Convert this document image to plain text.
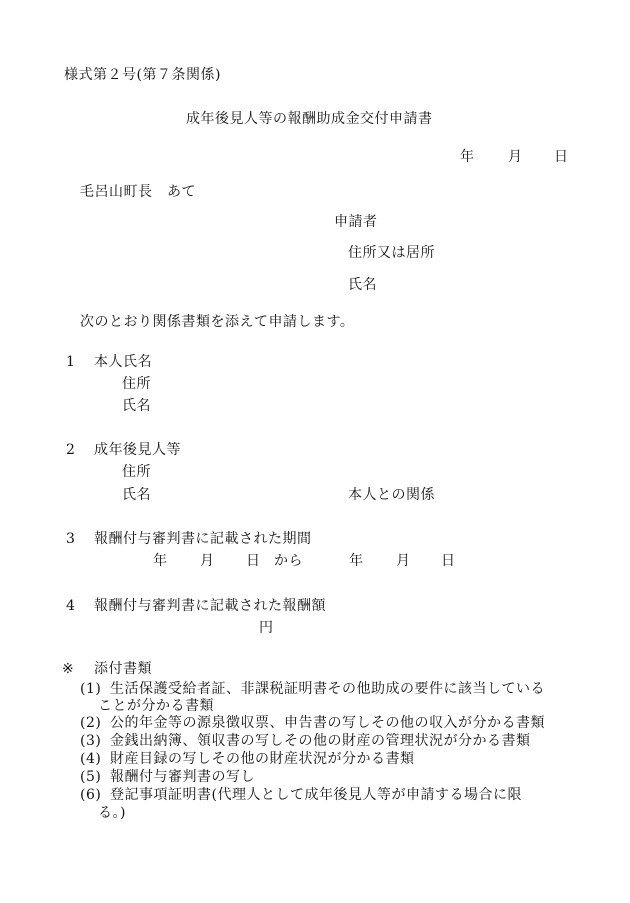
様式第２号(第７条関係)
成年後見人等の報酬助成金交付申請書
年 月 日
毛呂山町長　あて
申請者
住所又は居所
氏名
次のとおり関係書類を添えて申請します。
1 本人氏名
住所
氏名
2 成年後見人等
住所
氏名	本人との関係
3 報酬付与審判書に記載された期間
年 月 日 から	年 月 日
4 報酬付与審判書に記載された報酬額
円
※ 添付書類
(1) 生活保護受給者証、非課税証明書その他助成の要件に該当している
ことが分かる書類
(2) 公的年金等の源泉徴収票、申告書の写しその他の収入が分かる書類
(3) 金銭出納簿、領収書の写しその他の財産の管理状況が分かる書類
(4) 財産目録の写しその他の財産状況が分かる書類
(5) 報酬付与審判書の写し
(6) 登記事項証明書(代理人として成年後見人等が申請する場合に限
る。)
